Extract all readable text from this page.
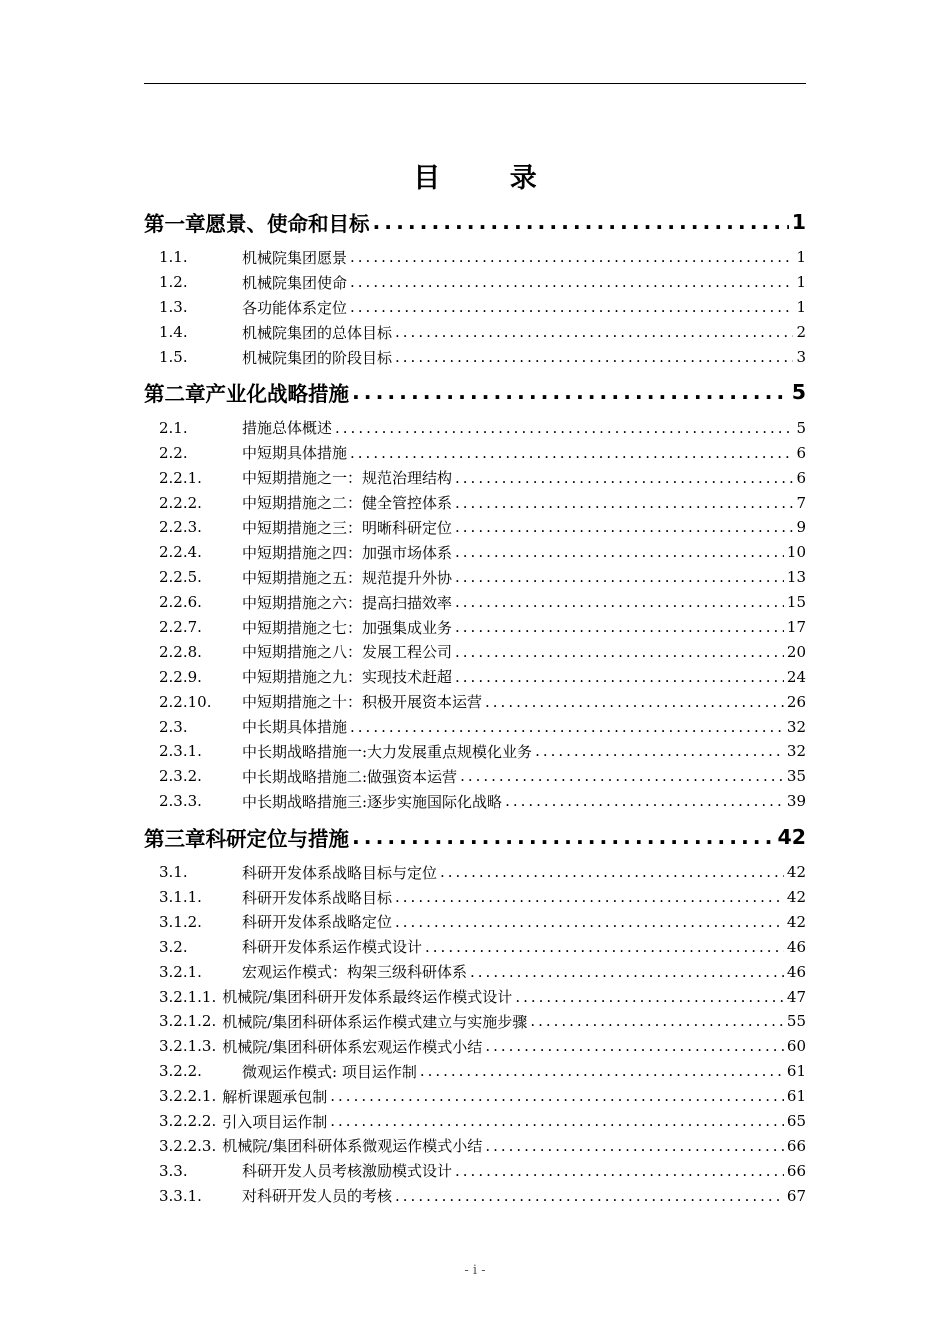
目 录
第一章 愿景、使命和目标 .....	1
1.1.	机械院集团愿景 .....	1
1.2.	机械院集团使命 .....	1
1.3.	各功能体系定位 .....	1
1.4.	机械院集团的总体目标 .....	2
1.5.	机械院集团的阶段目标 .....	3
第二章 产业化战略措施 .....	5
2.1.	措施总体概述 .....	5
2.2.	中短期具体措施 .....	6
2.2.1.	中短期措施之一：规范治理结构 .....	6
2.2.2.	中短期措施之二：健全管控体系 .....	7
2.2.3.	中短期措施之三：明晰科研定位 .....	9
2.2.4.	中短期措施之四：加强市场体系 .....	10
2.2.5.	中短期措施之五：规范提升外协 .....	13
2.2.6.	中短期措施之六：提高扫描效率 .....	15
2.2.7.	中短期措施之七：加强集成业务 .....	17
2.2.8.	中短期措施之八：发展工程公司 .....	20
2.2.9.	中短期措施之九：实现技术赶超 .....	24
2.2.10.	中短期措施之十：积极开展资本运营 .....	26
2.3.	中长期具体措施 .....	32
2.3.1.	中长期战略措施一:大力发展重点规模化业务 .....	32
2.3.2.	中长期战略措施二:做强资本运营 .....	35
2.3.3.	中长期战略措施三:逐步实施国际化战略 .....	39
第三章 科研定位与措施 .....	42
3.1.	科研开发体系战略目标与定位 .....	42
3.1.1.	科研开发体系战略目标 .....	42
3.1.2.	科研开发体系战略定位 .....	42
3.2.	科研开发体系运作模式设计 .....	46
3.2.1.	宏观运作模式：构架三级科研体系 .....	46
3.2.1.1. 机械院/集团科研开发体系最终运作模式设计 .....	47
3.2.1.2. 机械院/集团科研体系运作模式建立与实施步骤 .....	55
3.2.1.3. 机械院/集团科研体系宏观运作模式小结 .....	60
3.2.2.	微观运作模式: 项目运作制 .....	61
3.2.2.1. 解析课题承包制 .....	61
3.2.2.2. 引入项目运作制 .....	65
3.2.2.3. 机械院/集团科研体系微观运作模式小结 .....	66
3.3.	科研开发人员考核激励模式设计 .....	66
3.3.1.	对科研开发人员的考核 .....	67
- i -
